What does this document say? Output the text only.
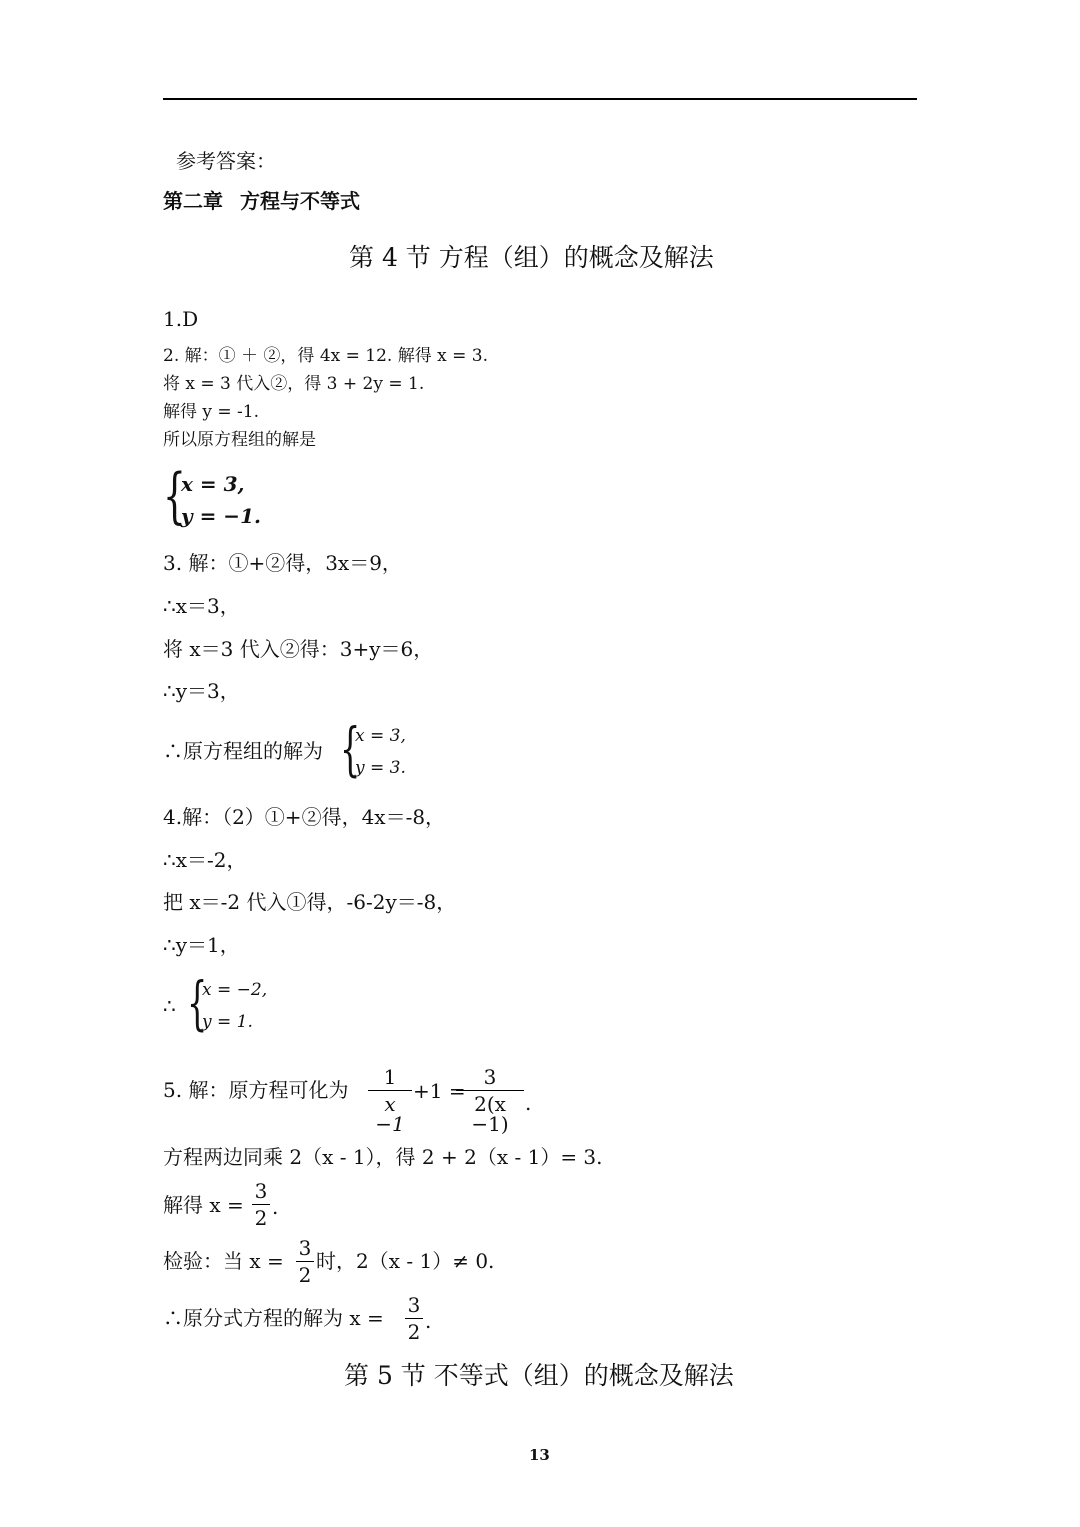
参考答案：
第二章 方程与不等式
第 4 节 方程（组）的概念及解法
1.D
2. 解：① ＋ ②，得 4x = 12. 解得 x = 3.
将 x = 3 代入②，得 3 + 2y = 1.
解得 y = -1.
所以原方程组的解是
{
x = 3,
y = −1.
3. 解：①+②得，3x＝9，
∴x＝3，
将 x＝3 代入②得：3+y＝6，
∴y＝3，
∴原方程组的解为 {
x = 3,
y = 3.
4.解：（2）①+②得，4x＝-8，
∴x＝-2，
把 x＝-2 代入①得，-6-2y＝-8，
∴y＝1，
∴ {
x = −2,
y = 1.
5. 解：原方程可化为
1
x −1
+1 =
3
2(x −1)
.
方程两边同乘 2（x - 1），得 2 + 2（x - 1）= 3.
解得 x =
3
2 .
检验：当 x =
3
2
时，2（x - 1）≠ 0.
∴原分式方程的解为 x =
3
2 .
第 5 节 不等式（组）的概念及解法
13
